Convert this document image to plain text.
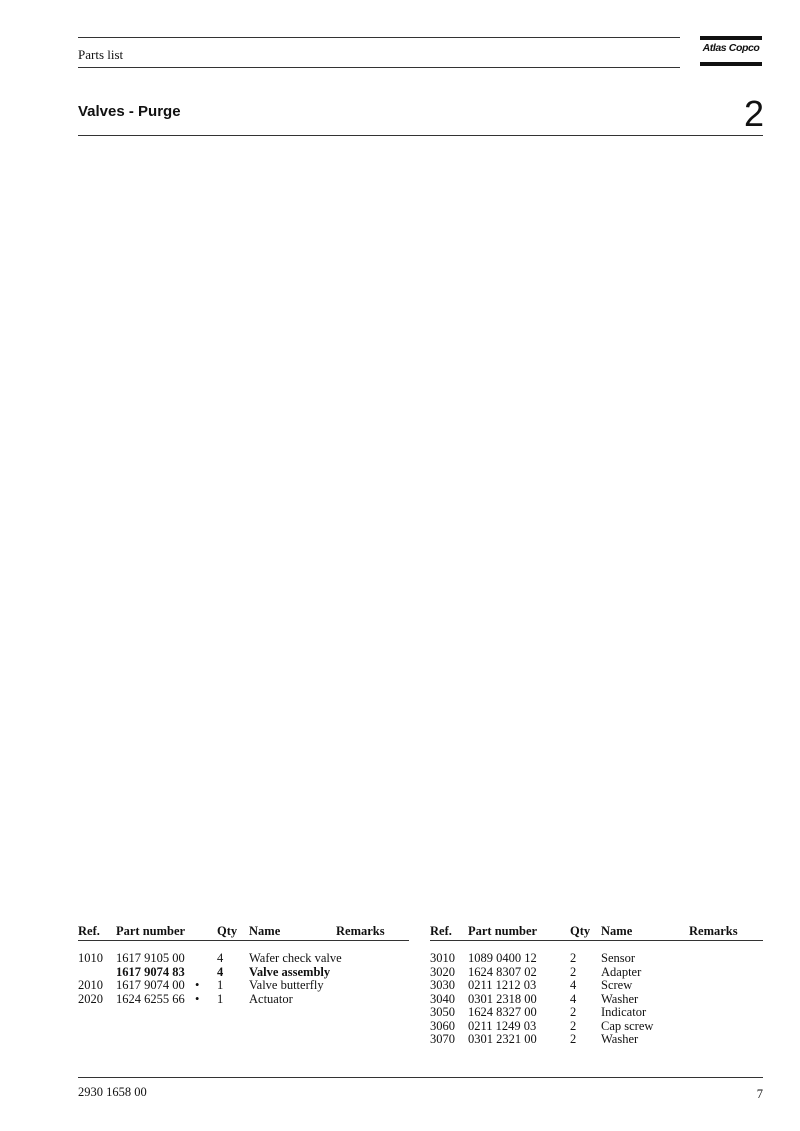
Parts list	Atlas Copco
Valves - Purge	2
Ref. Part number	Qty Name	Remarks
1010 1617 9105 00	4 Wafer check valve
1617 9074 83	4 Valve assembly
2010 1617 9074 00 • 1 Valve butterfly
2020 1624 6255 66 • 1 Actuator
Ref. Part number	Qty Name	Remarks
3010 1089 0400 12	2 Sensor
3020 1624 8307 02	2 Adapter
3030 0211 1212 03	4 Screw
3040 0301 2318 00	4 Washer
3050 1624 8327 00	2 Indicator
3060 0211 1249 03	2 Cap screw
3070 0301 2321 00	2 Washer
2930 1658 00	7
